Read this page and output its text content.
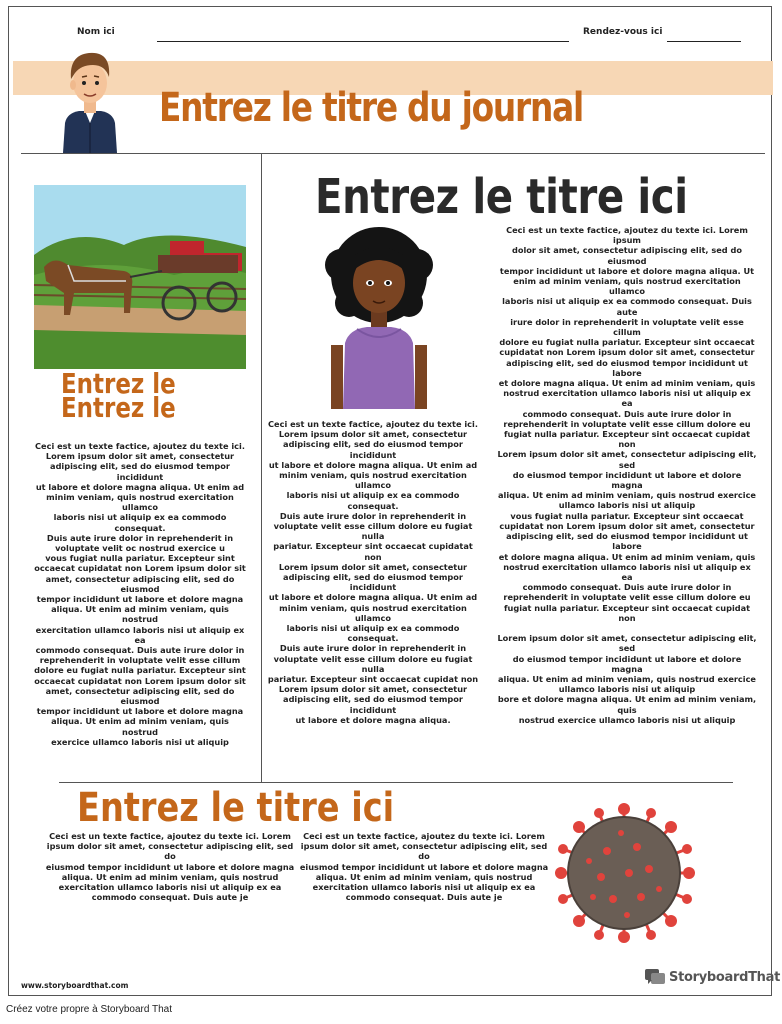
Nom ici	Rendez-vous ici
Entrez le titre du journal
Entrez le
Entrez le
Ceci est un texte factice, ajoutez du texte ici.
Lorem ipsum dolor sit amet, consectetur
adipiscing elit, sed do eiusmod tempor incididunt
ut labore et dolore magna aliqua. Ut enim ad
minim veniam, quis nostrud exercitation ullamco
laboris nisi ut aliquip ex ea commodo consequat.
Duis aute irure dolor in reprehenderit in
voluptate velit oc nostrud exercice u
vous fugiat nulla pariatur. Excepteur sint
occaecat cupidatat non Lorem ipsum dolor sit
amet, consectetur adipiscing elit, sed do eiusmod
tempor incididunt ut labore et dolore magna
aliqua. Ut enim ad minim veniam, quis nostrud
exercitation ullamco laboris nisi ut aliquip ex ea
commodo consequat. Duis aute irure dolor in
reprehenderit in voluptate velit esse cillum
dolore eu fugiat nulla pariatur. Excepteur sint
occaecat cupidatat non Lorem ipsum dolor sit
amet, consectetur adipiscing elit, sed do eiusmod
tempor incididunt ut labore et dolore magna
aliqua. Ut enim ad minim veniam, quis nostrud
exercice ullamco laboris nisi ut aliquip
Entrez le titre ici
Ceci est un texte factice, ajoutez du texte ici.
Lorem ipsum dolor sit amet, consectetur
adipiscing elit, sed do eiusmod tempor incididunt
ut labore et dolore magna aliqua. Ut enim ad
minim veniam, quis nostrud exercitation ullamco
laboris nisi ut aliquip ex ea commodo consequat.
Duis aute irure dolor in reprehenderit in
voluptate velit esse cillum dolore eu fugiat nulla
pariatur. Excepteur sint occaecat cupidatat non
Lorem ipsum dolor sit amet, consectetur
adipiscing elit, sed do eiusmod tempor incididunt
ut labore et dolore magna aliqua. Ut enim ad
minim veniam, quis nostrud exercitation ullamco
laboris nisi ut aliquip ex ea commodo consequat.
Duis aute irure dolor in reprehenderit in
voluptate velit esse cillum dolore eu fugiat nulla
pariatur. Excepteur sint occaecat cupidat non
Lorem ipsum dolor sit amet, consectetur
adipiscing elit, sed do eiusmod tempor incididunt
ut labore et dolore magna aliqua.
Ceci est un texte factice, ajoutez du texte ici. Lorem ipsum
dolor sit amet, consectetur adipiscing elit, sed do eiusmod
tempor incididunt ut labore et dolore magna aliqua. Ut
enim ad minim veniam, quis nostrud exercitation ullamco
laboris nisi ut aliquip ex ea commodo consequat. Duis aute
irure dolor in reprehenderit in voluptate velit esse cillum
dolore eu fugiat nulla pariatur. Excepteur sint occaecat
cupidatat non Lorem ipsum dolor sit amet, consectetur
adipiscing elit, sed do eiusmod tempor incididunt ut labore
et dolore magna aliqua. Ut enim ad minim veniam, quis
nostrud exercitation ullamco laboris nisi ut aliquip ex ea
commodo consequat. Duis aute irure dolor in
reprehenderit in voluptate velit esse cillum dolore eu
fugiat nulla pariatur. Excepteur sint occaecat cupidat non
Lorem ipsum dolor sit amet, consectetur adipiscing elit, sed
do eiusmod tempor incididunt ut labore et dolore magna
aliqua. Ut enim ad minim veniam, quis nostrud exercice
ullamco laboris nisi ut aliquip
vous fugiat nulla pariatur. Excepteur sint occaecat
cupidatat non Lorem ipsum dolor sit amet, consectetur
adipiscing elit, sed do eiusmod tempor incididunt ut labore
et dolore magna aliqua. Ut enim ad minim veniam, quis
nostrud exercitation ullamco laboris nisi ut aliquip ex ea
commodo consequat. Duis aute irure dolor in
reprehenderit in voluptate velit esse cillum dolore eu
fugiat nulla pariatur. Excepteur sint occaecat cupidat non

Lorem ipsum dolor sit amet, consectetur adipiscing elit, sed
do eiusmod tempor incididunt ut labore et dolore magna
aliqua. Ut enim ad minim veniam, quis nostrud exercice
ullamco laboris nisi ut aliquip
bore et dolore magna aliqua. Ut enim ad minim veniam, quis
nostrud exercice ullamco laboris nisi ut aliquip
Entrez le titre ici
Ceci est un texte factice, ajoutez du texte ici. Lorem
ipsum dolor sit amet, consectetur adipiscing elit, sed do
eiusmod tempor incididunt ut labore et dolore magna
aliqua. Ut enim ad minim veniam, quis nostrud
exercitation ullamco laboris nisi ut aliquip ex ea
commodo consequat. Duis aute je
Ceci est un texte factice, ajoutez du texte ici. Lorem
ipsum dolor sit amet, consectetur adipiscing elit, sed do
eiusmod tempor incididunt ut labore et dolore magna
aliqua. Ut enim ad minim veniam, quis nostrud
exercitation ullamco laboris nisi ut aliquip ex ea
commodo consequat. Duis aute je
www.storyboardthat.com
StoryboardThat
Créez votre propre à Storyboard That
